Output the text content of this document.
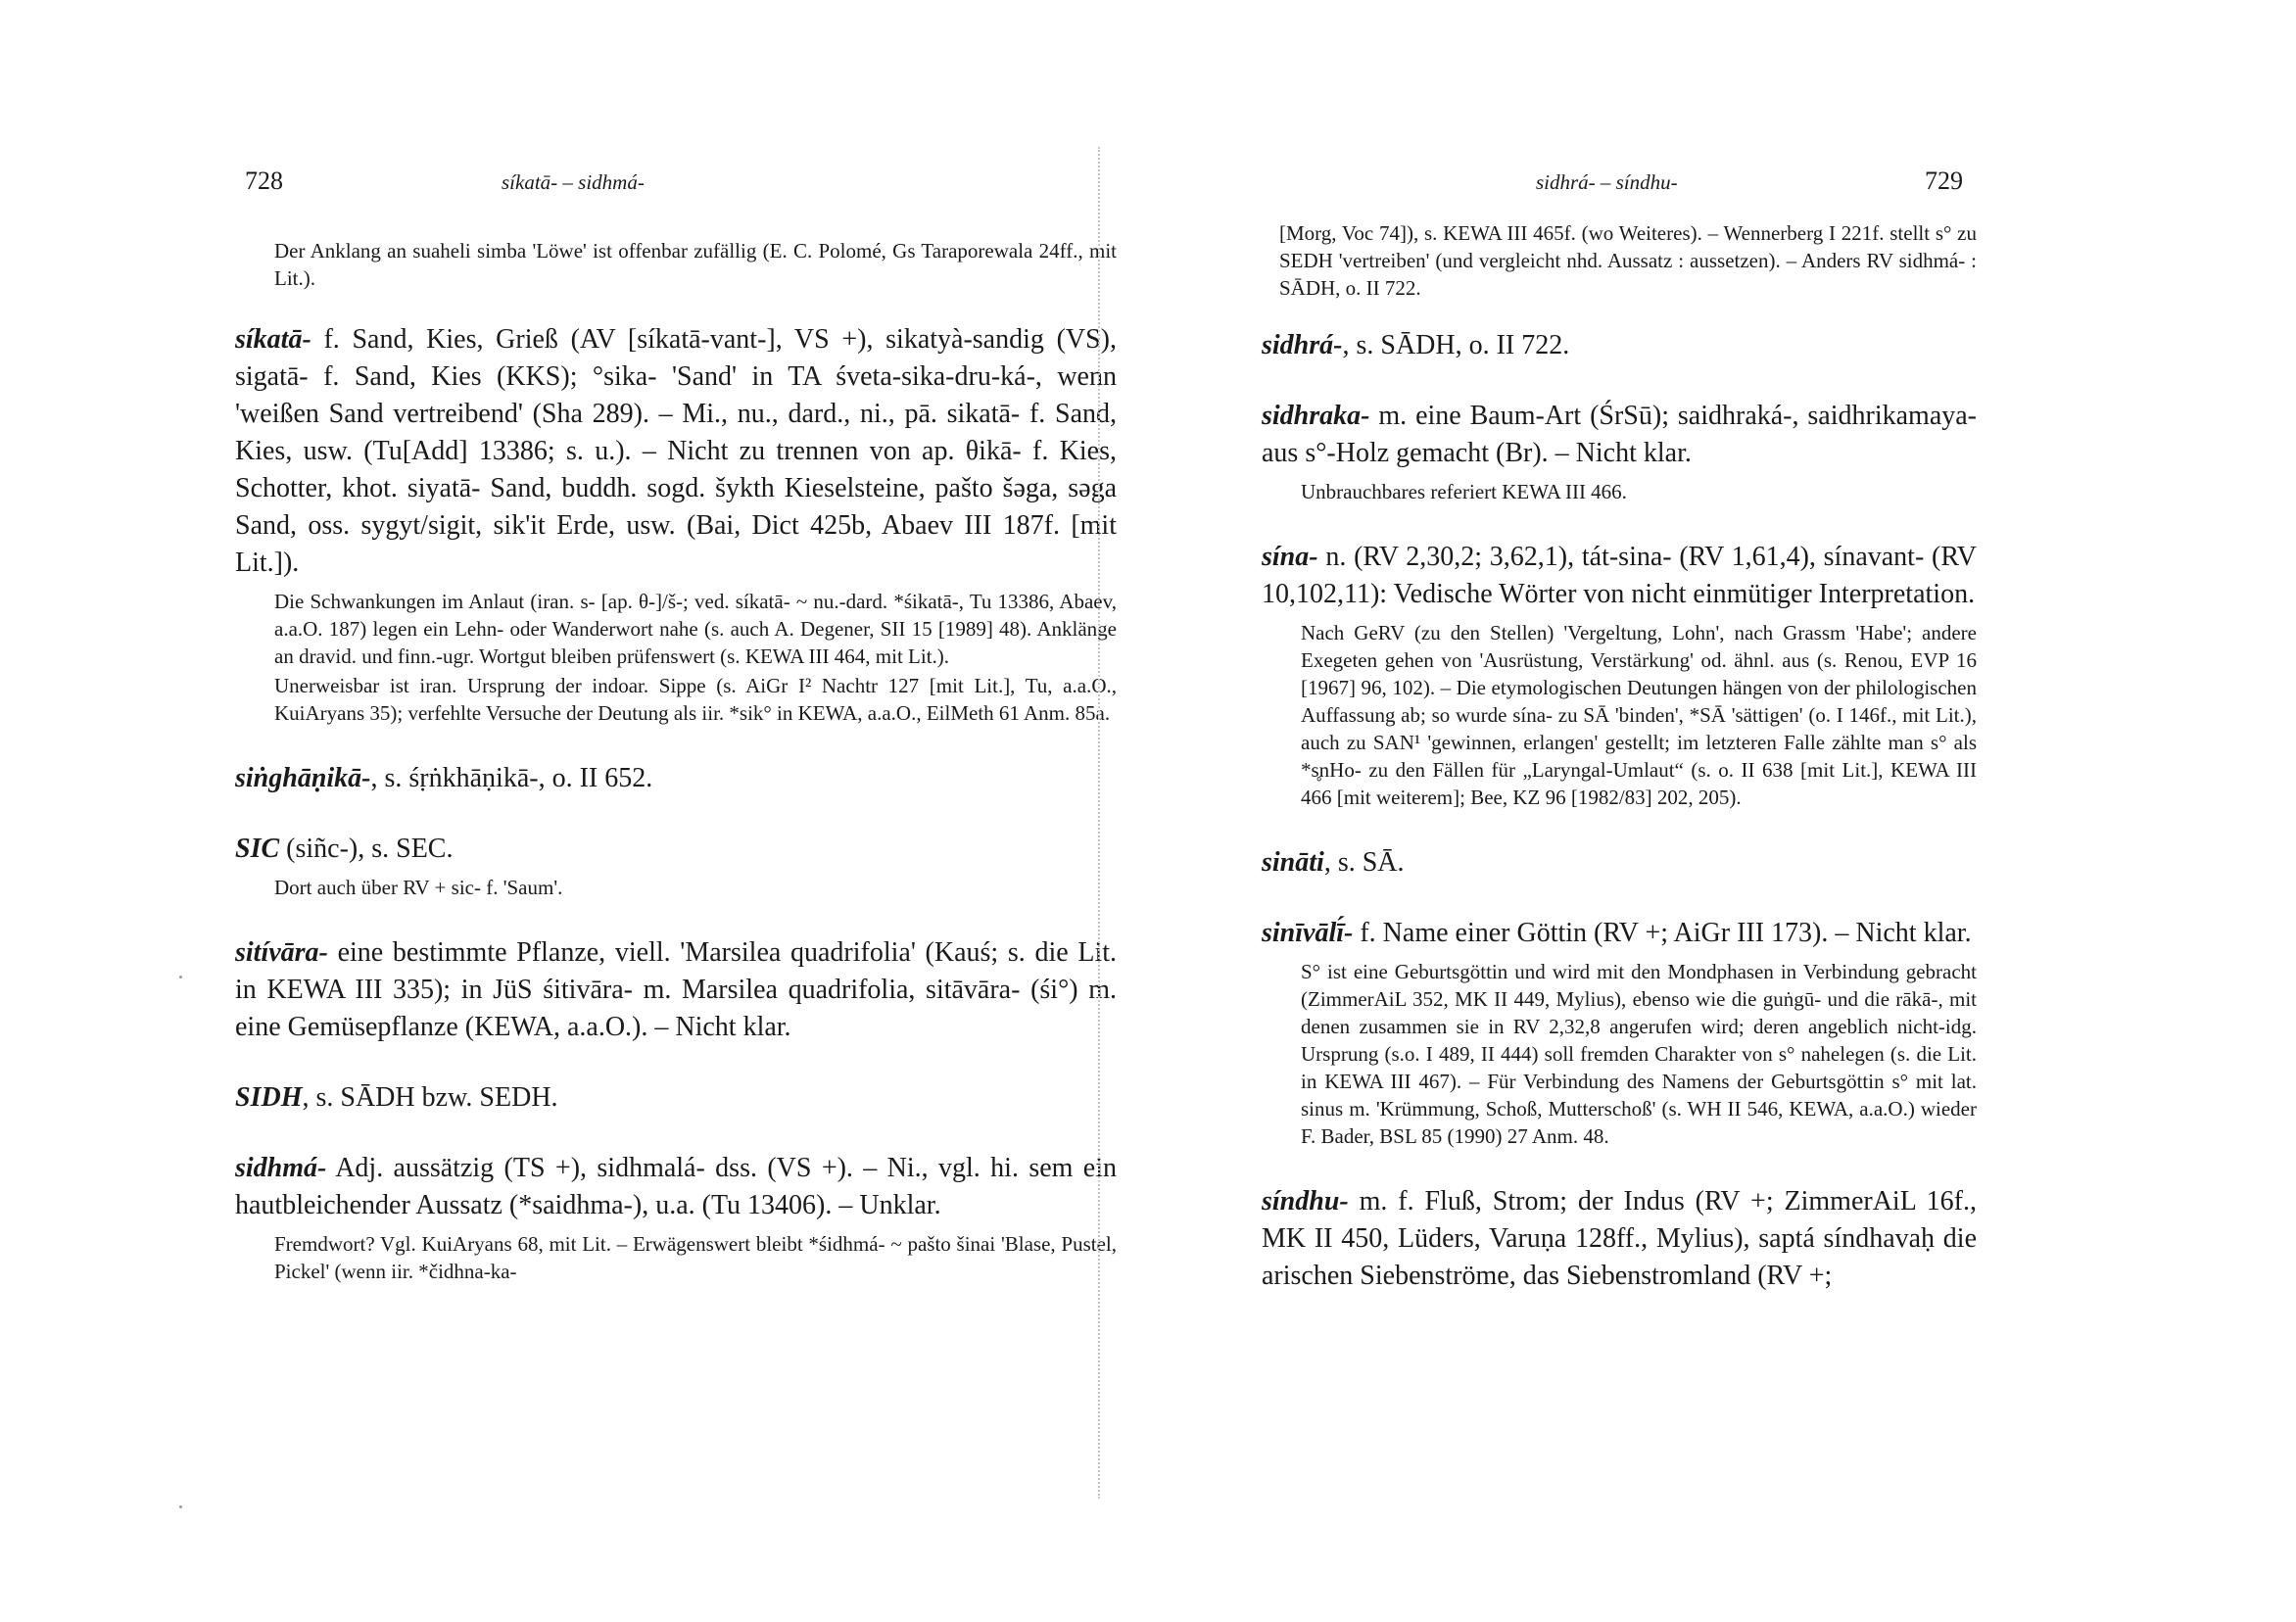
728	síkatā- – sidhmá-

Der Anklang an suaheli simba 'Löwe' ist offenbar zufällig (E. C. Polomé, Gs Taraporewala 24ff., mit Lit.).

síkatā- f. Sand, Kies, Grieß (AV [síkatā-vant-], VS +), sikatyà-sandig (VS), sigatā- f. Sand, Kies (KKS); °sika- 'Sand' in TA śveta-sika-dru-ká-, wenn 'weißen Sand vertreibend' (Sha 289). – Mi., nu., dard., ni., pā. sikatā- f. Sand, Kies, usw. (Tu[Add] 13386; s. u.). – Nicht zu trennen von ap. θikā- f. Kies, Schotter, khot. siyatā- Sand, buddh. sogd. šykth Kieselsteine, pašto šəga, səga Sand, oss. sygyt/sigit, sik'it Erde, usw. (Bai, Dict 425b, Abaev III 187f. [mit Lit.]).

Die Schwankungen im Anlaut (iran. s- [ap. θ-]/š-; ved. síkatā- ~ nu.-dard. *śikatā-, Tu 13386, Abaev, a.a.O. 187) legen ein Lehn- oder Wanderwort nahe (s. auch A. Degener, SII 15 [1989] 48). Anklänge an dravid. und finn.-ugr. Wortgut bleiben prüfenswert (s. KEWA III 464, mit Lit.).

Unerweisbar ist iran. Ursprung der indoar. Sippe (s. AiGr I² Nachtr 127 [mit Lit.], Tu, a.a.O., KuiAryans 35); verfehlte Versuche der Deutung als iir. *sik° in KEWA, a.a.O., EilMeth 61 Anm. 85a.

siṅghāṇikā-, s. śṛṅkhāṇikā-, o. II 652.

SIC (siñc-), s. SEC.

Dort auch über RV + sic- f. 'Saum'.

sitívāra- eine bestimmte Pflanze, viell. 'Marsilea quadrifolia' (Kauś; s. die Lit. in KEWA III 335); in JüS śitivāra- m. Marsilea quadrifolia, sitāvāra- (śi°) m. eine Gemüsepflanze (KEWA, a.a.O.). – Nicht klar.

SIDH, s. SĀDH bzw. SEDH.

sidhmá- Adj. aussätzig (TS +), sidhmalá- dss. (VS +). – Ni., vgl. hi. sem ein hautbleichender Aussatz (*saidhma-), u.a. (Tu 13406). – Unklar.

Fremdwort? Vgl. KuiAryans 68, mit Lit. – Erwägenswert bleibt *śidhmá- ~ pašto šinai 'Blase, Pustel, Pickel' (wenn iir. *čidhna-ka-

sidhrá- – síndhu-	729

[Morg, Voc 74]), s. KEWA III 465f. (wo Weiteres). – Wennerberg I 221f. stellt s° zu SEDH 'vertreiben' (und vergleicht nhd. Aussatz : aussetzen). – Anders RV sidhmá- : SĀDH, o. II 722.

sidhrá-, s. SĀDH, o. II 722.

sidhraka- m. eine Baum-Art (ŚrSū); saidhraká-, saidhrikamaya- aus s°-Holz gemacht (Br). – Nicht klar.

Unbrauchbares referiert KEWA III 466.

sína- n. (RV 2,30,2; 3,62,1), tát-sina- (RV 1,61,4), sínavant- (RV 10,102,11): Vedische Wörter von nicht einmütiger Interpretation.

Nach GeRV (zu den Stellen) 'Vergeltung, Lohn', nach Grassm 'Habe'; andere Exegeten gehen von 'Ausrüstung, Verstärkung' od. ähnl. aus (s. Renou, EVP 16 [1967] 96, 102). – Die etymologischen Deutungen hängen von der philologischen Auffassung ab; so wurde sína- zu SĀ 'binden', *SĀ 'sättigen' (o. I 146f., mit Lit.), auch zu SAN¹ 'gewinnen, erlangen' gestellt; im letzteren Falle zählte man s° als *s̥nHo- zu den Fällen für „Laryngal-Umlaut“ (s. o. II 638 [mit Lit.], KEWA III 466 [mit weiterem]; Bee, KZ 96 [1982/83] 202, 205).

sināti, s. SĀ.

sinīvālī́- f. Name einer Göttin (RV +; AiGr III 173). – Nicht klar.

S° ist eine Geburtsgöttin und wird mit den Mondphasen in Verbindung gebracht (ZimmerAiL 352, MK II 449, Mylius), ebenso wie die guṅgū- und die rākā-, mit denen zusammen sie in RV 2,32,8 angerufen wird; deren angeblich nicht-idg. Ursprung (s.o. I 489, II 444) soll fremden Charakter von s° nahelegen (s. die Lit. in KEWA III 467). – Für Verbindung des Namens der Geburtsgöttin s° mit lat. sinus m. 'Krümmung, Schoß, Mutterschoß' (s. WH II 546, KEWA, a.a.O.) wieder F. Bader, BSL 85 (1990) 27 Anm. 48.

síndhu- m. f. Fluß, Strom; der Indus (RV +; ZimmerAiL 16f., MK II 450, Lüders, Varuṇa 128ff., Mylius), saptá síndhavaḥ die arischen Siebenströme, das Siebenstromland (RV +;
